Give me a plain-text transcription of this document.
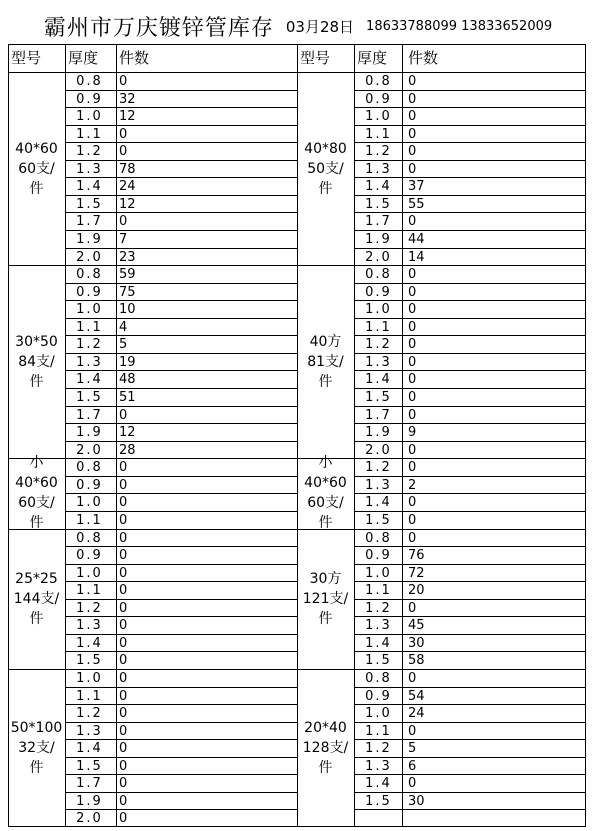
霸州市万庆镀锌管库存 03月28日 18633788099 13833652009
型号	厚度	件数
0.8	0
0.9	32
1.0	12
1.1	0
1.2	0
1.3	78
1.4	24
1.5	12
1.7	0
1.9	7
2.0	23
40*60
60支/
件
0.8	59
0.9	75
1.0	10
1.1	4
1.2	5
1.3	19
1.4	48
1.5	51
1.7	0
1.9	12
2.0	28
30*50
84支/
件
0.8	0
0.9	0
1.0	0
1.1	0
小
40*60
60支/
件
0.8	0
0.9	0
1.0	0
1.1	0
1.2	0
1.3	0
1.4	0
1.5	0
25*25
144支/
件
1.0	0
1.1	0
1.2	0
1.3	0
1.4	0
1.5	0
1.7	0
1.9	0
2.0	0
50*100
32支/
件
型号	厚度	件数
0.8	0
0.9	0
1.0	0
1.1	0
1.2	0
1.3	0
1.4	37
1.5	55
1.7	0
1.9	44
2.0	14
40*80
50支/
件
0.8	0
0.9	0
1.0	0
1.1	0
1.2	0
1.3	0
1.4	0
1.5	0
1.7	0
1.9	9
2.0	0
40方
81支/
件
1.2	0
1.3	2
1.4	0
1.5	0
小
40*60
60支/
件
0.8	0
0.9	76
1.0	72
1.1	20
1.2	0
1.3	45
1.4	30
1.5	58
30方
121支/
件
0.8	0
0.9	54
1.0	24
1.1	0
1.2	5
1.3	6
1.4	0
1.5	30
20*40
128支/
件
